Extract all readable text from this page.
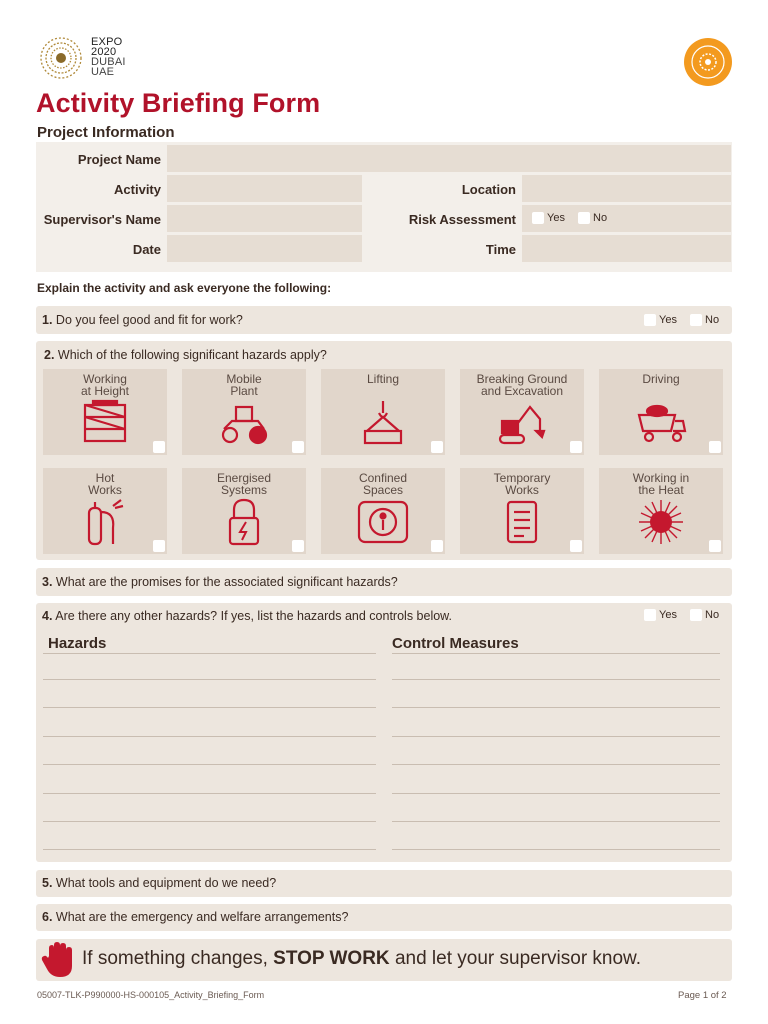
EXPO
2020
DUBAI
UAE
Activity Briefing Form
Project Information
Project Name
Activity	Location
Supervisor's Name	Risk Assessment	Yes	No
Date	Time
Explain the activity and ask everyone the following:
1. Do you feel good and fit for work?	Yes	No
2. Which of the following significant hazards apply?
Working
at Height
Mobile
Plant
Lifting	Breaking Ground
and Excavation
Driving

Hot
Works
Energised
Systems
Confined
Spaces
Temporary
Works
Working in
the Heat
3. What are the promises for the associated significant hazards?
4. Are there any other hazards? If yes, list the hazards and controls below.	Yes	No
Hazards	Control Measures
5. What tools and equipment do we need?
6. What are the emergency and welfare arrangements?
If something changes, STOP WORK and let your supervisor know.
05007-TLK-P990000-HS-000105_Activity_Briefing_Form	Page 1 of 2
